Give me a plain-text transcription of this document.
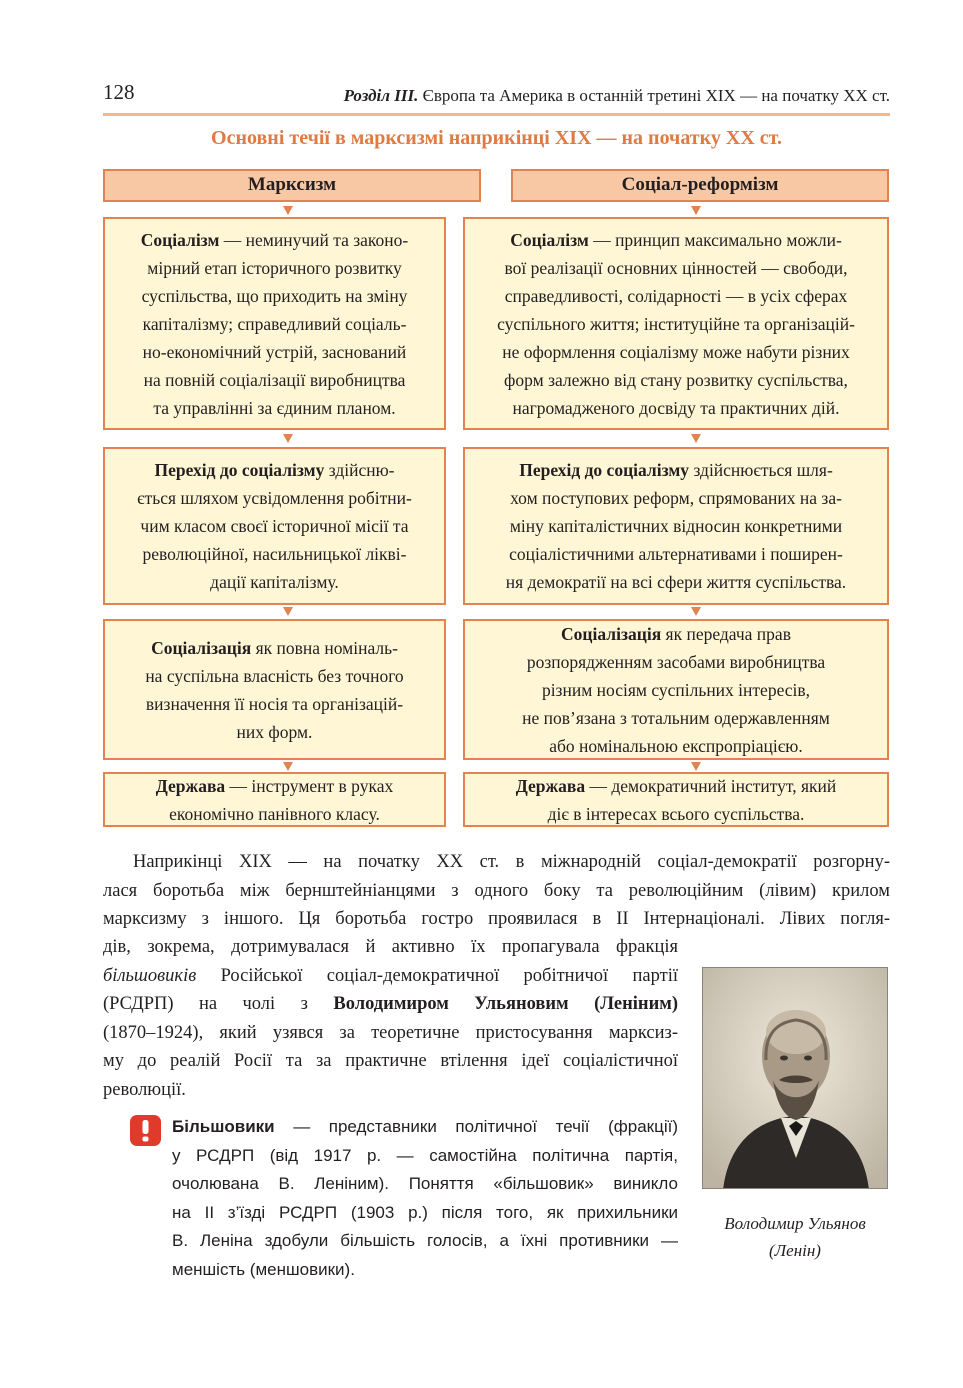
128	Розділ ІІІ. Європа та Америка в останній третині ХІХ — на початку ХХ ст.
Основні течії в марксизмі наприкінці ХІХ — на початку ХХ ст.
Марксизм
Соціалізм — неминучий та законо-
мірний етап історичного розвитку
суспільства, що приходить на зміну
капіталізму; справедливий соціаль-
но-економічний устрій, заснований
на повній соціалізації виробництва
та управлінні за єдиним планом.
Перехід до соціалізму здійсню-
ється шляхом усвідомлення робітни-
чим класом своєї історичної місії та
революційної, насильницької ліквi-
дації капіталізму.
Соціалізація як повна номіналь-
на суспільна власність без точного
визначення її носія та організацій-
них форм.
Держава — інструмент в руках
економічно панівного класу.
Соціал-реформізм
Соціалізм — принцип максимально можли-
вої реалізації основних цінностей — свободи,
справедливості, солідарності — в усіх сферах
суспільного життя; інституційне та організацій-
не оформлення соціалізму може набути різних
форм залежно від стану розвитку суспільства,
нагромадженого досвіду та практичних дій.
Перехід до соціалізму здійснюється шля-
хом поступових реформ, спрямованих на за-
міну капіталістичних відносин конкретними
соціалістичними альтернативами і поширен-
ня демократії на всі сфери життя суспільства.
Соціалізація як передача прав
розпорядженням засобами виробництва
різним носіям суспільних інтересів,
не пов’язана з тотальним одержавленням
або номінальною експропріацією.
Держава — демократичний інститут, який
діє в інтересах всього суспільства.
Наприкінці ХІХ — на початку ХХ ст. в міжнародній соціал-демократії розгорну-
лася боротьба між бернштейніанцями з одного боку та революційним (лівим) крилом
марксизму з іншого. Ця боротьба гостро проявилася в ІІ Інтернаціоналі. Лівих погля-
дів, зокрема, дотримувалася й активно їх пропагувала фракція
більшовиків Російської соціал-демократичної робітничої партії
(РСДРП) на чолі з Володимиром Ульяновим (Леніним)
(1870–1924), який узявся за теоретичне пристосування марксиз-
му до реалій Росії та за практичне втілення ідеї соціалістичної
революції.
Володимир Ульянов
(Ленін)
Більшовики — представники політичної течії (фракції)
у РСДРП (від 1917 р. — самостійна політична партія,
очолювана В. Леніним). Поняття «більшовик» виникло
на ІІ з’їзді РСДРП (1903 р.) після того, як прихильники
В. Леніна здобули більшість голосів, а їхні противники —
меншість (меншовики).
